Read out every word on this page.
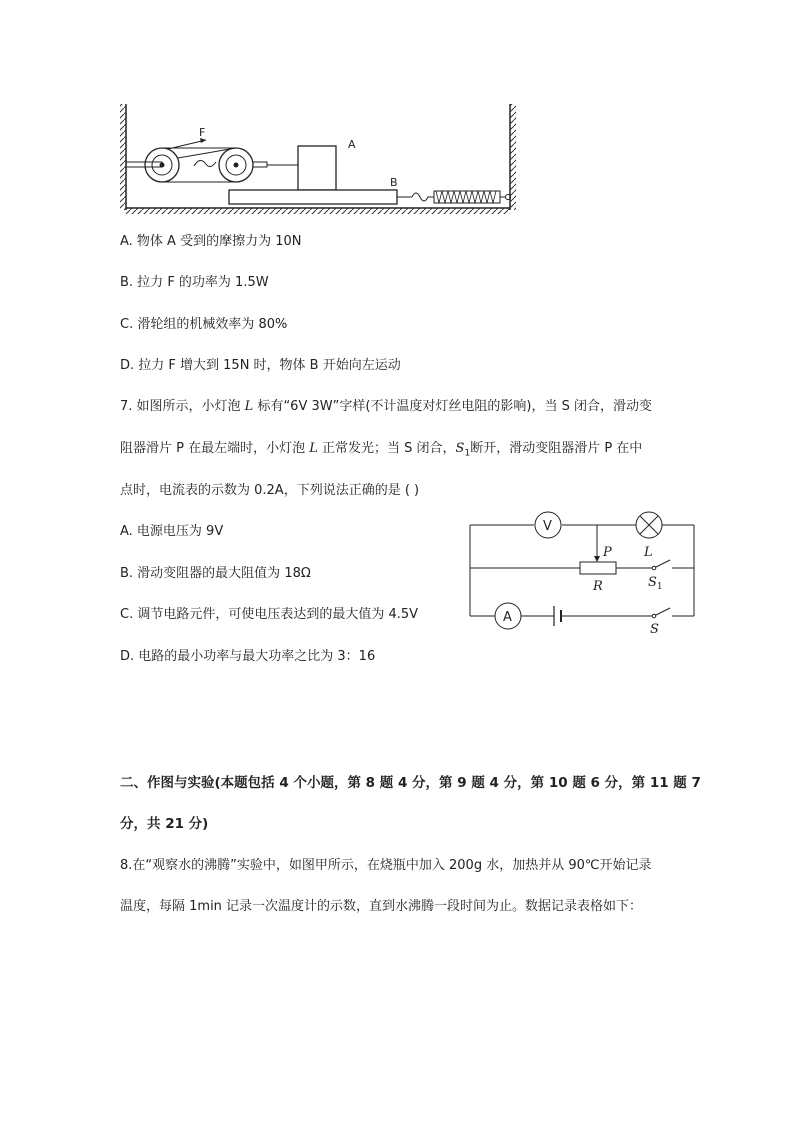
F
A
B
A. 物体 A 受到的摩擦力为 10N
B. 拉力 F 的功率为 1.5W
C. 滑轮组的机械效率为 80%
D. 拉力 F 增大到 15N 时，物体 B 开始向左运动
7. 如图所示，小灯泡 L 标有“6V 3W”字样(不计温度对灯丝电阻的影响)，当 S 闭合，滑动变
阻器滑片 P 在最左端时，小灯泡 L 正常发光；当 S 闭合，$S_1$断开，滑动变阻器滑片 P 在中
点时，电流表的示数为 0.2A，下列说法正确的是 ( )
A. 电源电压为 9V
B. 滑动变阻器的最大阻值为 18Ω
C. 调节电路元件，可使电压表达到的最大值为 4.5V
D. 电路的最小功率与最大功率之比为 3：16
V
A
P L
R	$S_1$
S
二、作图与实验(本题包括 4 个小题，第 8 题 4 分，第 9 题 4 分，第 10 题 6 分，第 11 题 7
分，共 21 分)
8.在“观察水的沸腾”实验中，如图甲所示，在烧瓶中加入 200g 水，加热并从 90℃开始记录
温度，每隔 1min 记录一次温度计的示数，直到水沸腾一段时间为止。数据记录表格如下：
